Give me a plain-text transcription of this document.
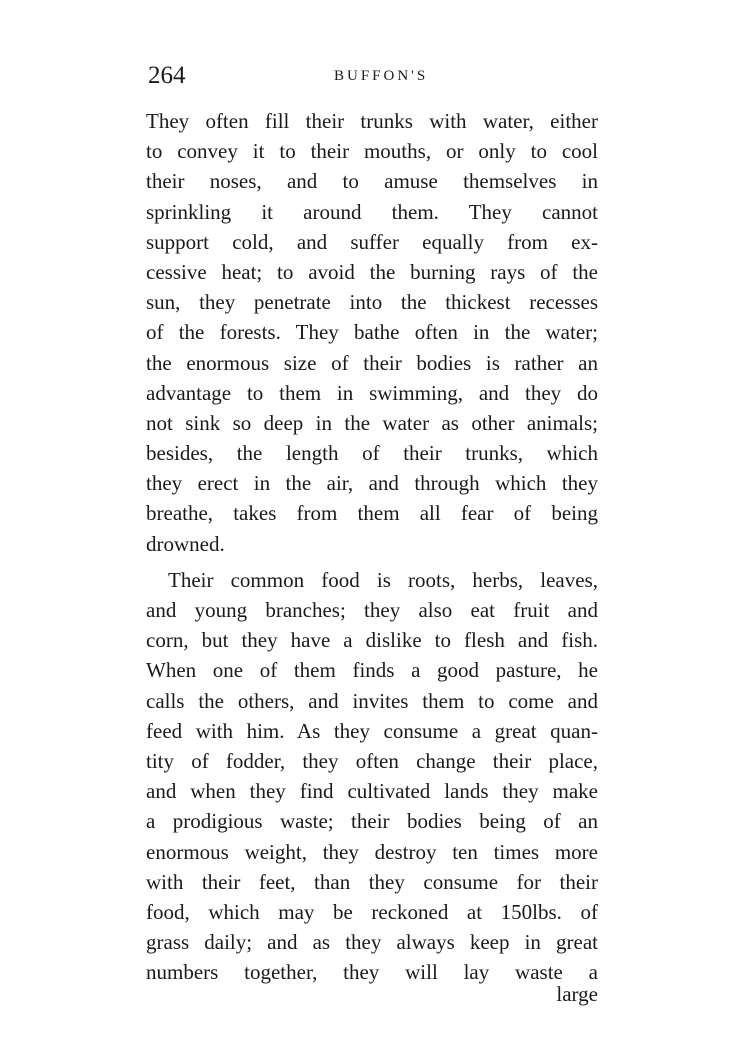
264	BUFFON'S
They often fill their trunks with water, either
to convey it to their mouths, or only to cool
their noses, and to amuse themselves in
sprinkling it around them. They cannot
support cold, and suffer equally from ex-
cessive heat; to avoid the burning rays of the
sun, they penetrate into the thickest recesses
of the forests. They bathe often in the water;
the enormous size of their bodies is rather an
advantage to them in swimming, and they do
not sink so deep in the water as other animals;
besides, the length of their trunks, which
they erect in the air, and through which they
breathe, takes from them all fear of being
drowned.
Their common food is roots, herbs, leaves,
and young branches; they also eat fruit and
corn, but they have a dislike to flesh and fish.
When one of them finds a good pasture, he
calls the others, and invites them to come and
feed with him. As they consume a great quan-
tity of fodder, they often change their place,
and when they find cultivated lands they make
a prodigious waste; their bodies being of an
enormous weight, they destroy ten times more
with their feet, than they consume for their
food, which may be reckoned at 150lbs. of
grass daily; and as they always keep in great
numbers together, they will lay waste a
large
